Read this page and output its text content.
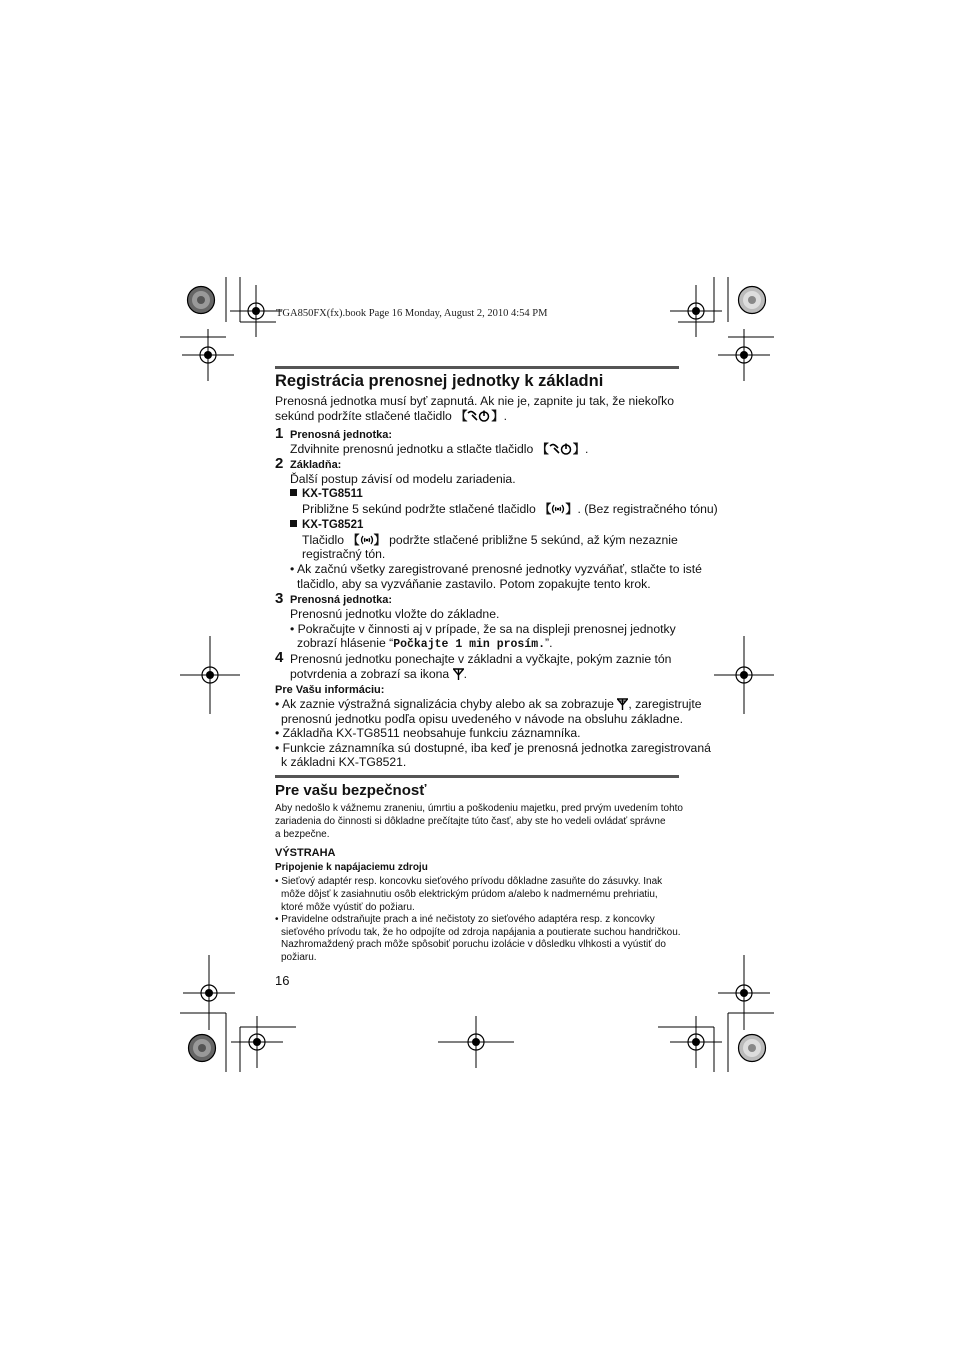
TGA850FX(fx).book Page 16 Monday, August 2, 2010 4:54 PM
Registrácia prenosnej jednotky k základni
Prenosná jednotka musí byť zapnutá. Ak nie je, zapnite ju tak, že niekoľko
sekúnd podržíte stlačené tlačidlo 【 】.
1 Prenosná jednotka:
Zdvihnite prenosnú jednotku a stlačte tlačidlo 【 】.
2 Základňa:
Ďalší postup závisí od modelu zariadenia.
KX-TG8511
Približne 5 sekúnd podržte stlačené tlačidlo 【 】. (Bez registračného tónu)
KX-TG8521
Tlačidlo 【 】 podržte stlačené približne 5 sekúnd, až kým nezaznie
registračný tón.
• Ak začnú všetky zaregistrované prenosné jednotky vyzváňať, stlačte to isté
tlačidlo, aby sa vyzváňanie zastavilo. Potom zopakujte tento krok.
3 Prenosná jednotka:
Prenosnú jednotku vložte do základne.
• Pokračujte v činnosti aj v prípade, že sa na displeji prenosnej jednotky
zobrazí hlásenie “Počkajte 1 min prosím.”.
4 Prenosnú jednotku ponechajte v základni a vyčkajte, pokým zaznie tón
potvrdenia a zobrazí sa ikona .
Pre Vašu informáciu:
• Ak zaznie výstražná signalizácia chyby alebo ak sa zobrazuje , zaregistrujte
prenosnú jednotku podľa opisu uvedeného v návode na obsluhu základne.
• Základňa KX-TG8511 neobsahuje funkciu záznamníka.
• Funkcie záznamníka sú dostupné, iba keď je prenosná jednotka zaregistrovaná
k základni KX-TG8521.
Pre vašu bezpečnosť
Aby nedošlo k vážnemu zraneniu, úmrtiu a poškodeniu majetku, pred prvým uvedením tohto
zariadenia do činnosti si dôkladne prečítajte túto časť, aby ste ho vedeli ovládať správne
a bezpečne.
VÝSTRAHA
Pripojenie k napájaciemu zdroju
• Sieťový adaptér resp. koncovku sieťového prívodu dôkladne zasuňte do zásuvky. Inak
môže dôjsť k zasiahnutiu osôb elektrickým prúdom a/alebo k nadmernému prehriatiu,
ktoré môže vyústiť do požiaru.
• Pravidelne odstraňujte prach a iné nečistoty zo sieťového adaptéra resp. z koncovky
sieťového prívodu tak, že ho odpojíte od zdroja napájania a poutierate suchou handričkou.
Nazhromaždený prach môže spôsobiť poruchu izolácie v dôsledku vlhkosti a vyústiť do
požiaru.
16
